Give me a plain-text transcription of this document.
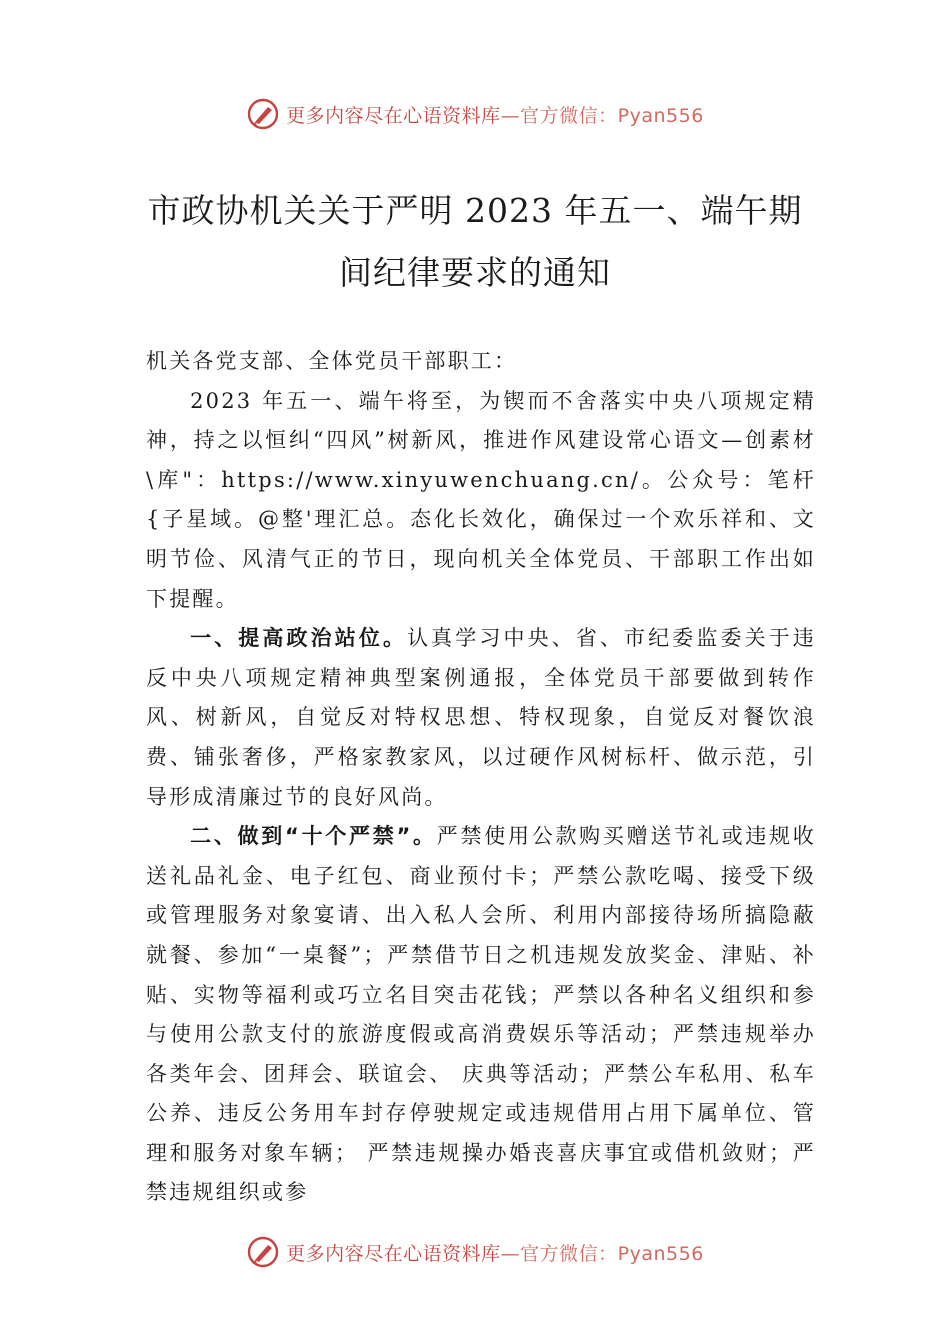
更多内容尽在心语资料库—官方微信：Pyan556
市政协机关关于严明 2023 年五一、端午期
间纪律要求的通知

机关各党支部、全体党员干部职工：

2023 年五一、端午将至，为锲而不舍落实中央八项规定精神，持之以恒纠“四风”树新风，推进作风建设常心语文—创素材\库"：https://www.xinyuwenchuang.cn/。公众号：笔杆{子星域。@整'理汇总。态化长效化，确保过一个欢乐祥和、文明节俭、风清气正的节日，现向机关全体党员、干部职工作出如下提醒。

一、提高政治站位。认真学习中央、省、市纪委监委关于违反中央八项规定精神典型案例通报，全体党员干部要做到转作风、树新风，自觉反对特权思想、特权现象，自觉反对餐饮浪费、铺张奢侈，严格家教家风，以过硬作风树标杆、做示范，引导形成清廉过节的良好风尚。

二、做到“十个严禁”。严禁使用公款购买赠送节礼或违规收送礼品礼金、电子红包、商业预付卡；严禁公款吃喝、接受下级或管理服务对象宴请、出入私人会所、利用内部接待场所搞隐蔽就餐、参加“一桌餐”；严禁借节日之机违规发放奖金、津贴、补贴、实物等福利或巧立名目突击花钱；严禁以各种名义组织和参与使用公款支付的旅游度假或高消费娱乐等活动；严禁违规举办各类年会、团拜会、联谊会、 庆典等活动；严禁公车私用、私车公养、违反公务用车封存停驶规定或违规借用占用下属单位、管理和服务对象车辆； 严禁违规操办婚丧喜庆事宜或借机敛财；严禁违规组织或参

更多内容尽在心语资料库—官方微信：Pyan556
